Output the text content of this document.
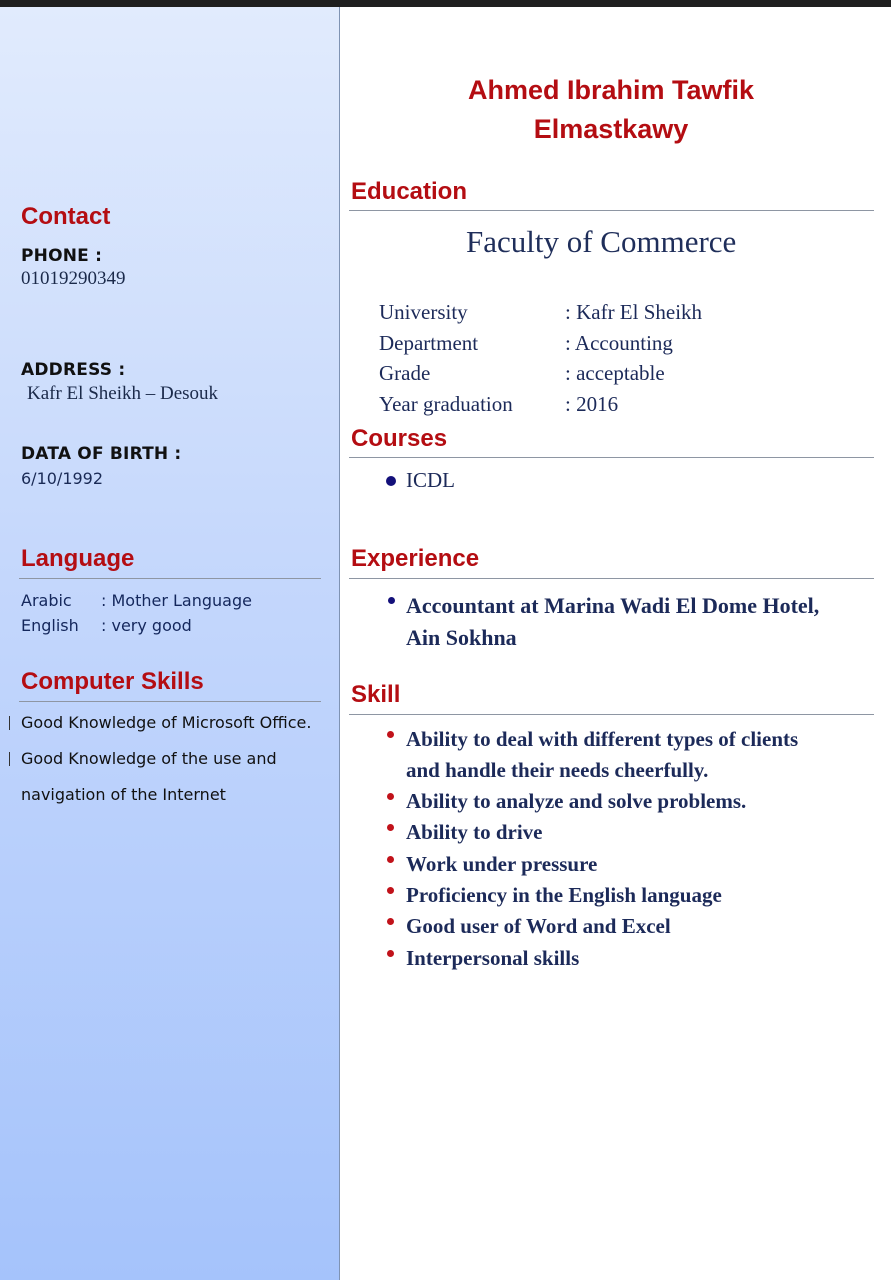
Contact
PHONE :
01019290349
ADDRESS :
Kafr El Sheikh – Desouk
DATA OF BIRTH :
6/10/1992
Language
Arabic : Mother Language
English : very good
Computer Skills
Good Knowledge of Microsoft Office.
Good Knowledge of the use and
navigation of the Internet
Ahmed Ibrahim Tawfik
Elmastkawy
Education
Faculty of Commerce
University	: Kafr El Sheikh
Department	: Accounting
Grade	: acceptable
Year graduation : 2016
Courses
ICDL
Experience
Accountant at Marina Wadi El Dome Hotel,
Ain Sokhna
Skill
Ability to deal with different types of clients
and handle their needs cheerfully.
Ability to analyze and solve problems.
Ability to drive
Work under pressure
Proficiency in the English language
Good user of Word and Excel
Interpersonal skills
